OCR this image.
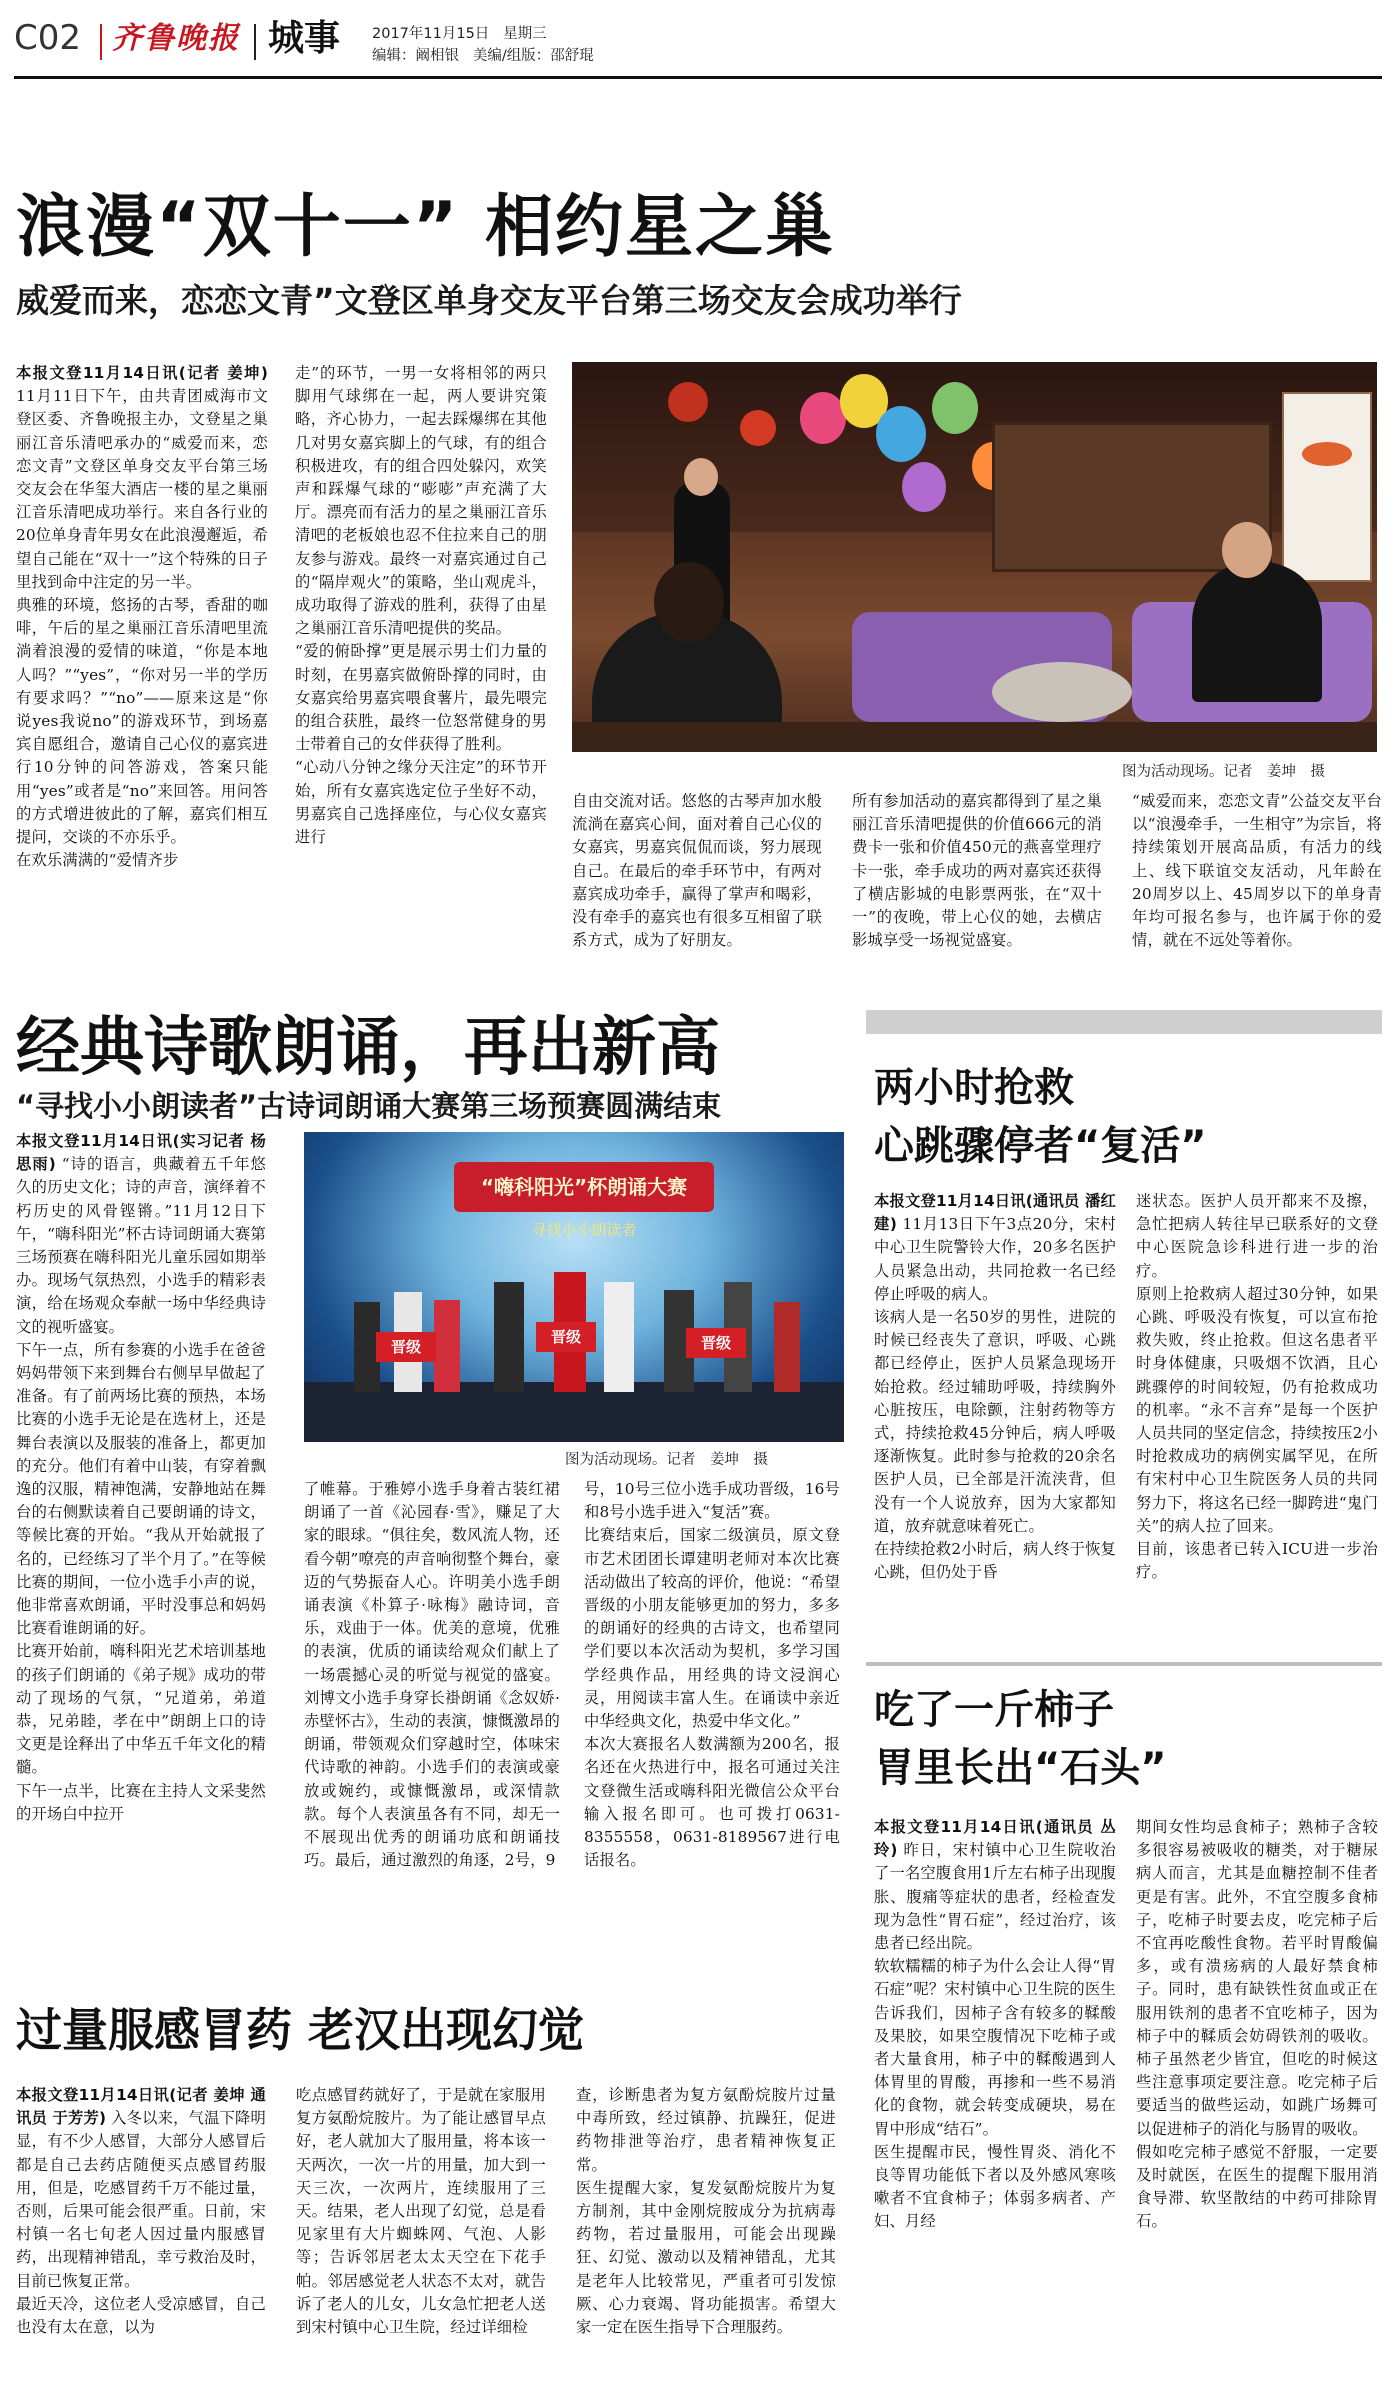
C02 齐鲁晚报 城事 2017年11月15日 星期三
编辑：阚相银 美编/组版：邵舒琨
浪漫“双十一” 相约星之巢
威爱而来，恋恋文青”文登区单身交友平台第三场交友会成功举行
本报文登11月14日讯(记者 姜坤) 11月11日下午，由共青团威海市文登区委、齐鲁晚报主办，文登星之巢丽江音乐清吧承办的“威爱而来，恋恋文青”文登区单身交友平台第三场交友会在华玺大酒店一楼的星之巢丽江音乐清吧成功举行。来自各行业的20位单身青年男女在此浪漫邂逅，希望自己能在“双十一”这个特殊的日子里找到命中注定的另一半。
典雅的环境，悠扬的古琴，香甜的咖啡，午后的星之巢丽江音乐清吧里流淌着浪漫的爱情的味道，“你是本地人吗？”“yes”，“你对另一半的学历有要求吗？”“no”——原来这是“你说yes我说no”的游戏环节，到场嘉宾自愿组合，邀请自己心仪的嘉宾进行10分钟的问答游戏，答案只能用“yes”或者是“no”来回答。用问答的方式增进彼此的了解，嘉宾们相互提问，交谈的不亦乐乎。
在欢乐满满的“爱情齐步
走”的环节，一男一女将相邻的两只脚用气球绑在一起，两人要讲究策略，齐心协力，一起去踩爆绑在其他几对男女嘉宾脚上的气球，有的组合积极进攻，有的组合四处躲闪，欢笑声和踩爆气球的“嘭嘭”声充满了大厅。漂亮而有活力的星之巢丽江音乐清吧的老板娘也忍不住拉来自己的朋友参与游戏。最终一对嘉宾通过自己的“隔岸观火”的策略，坐山观虎斗，成功取得了游戏的胜利，获得了由星之巢丽江音乐清吧提供的奖品。
“爱的俯卧撑”更是展示男士们力量的时刻，在男嘉宾做俯卧撑的同时，由女嘉宾给男嘉宾喂食薯片，最先喂完的组合获胜，最终一位怒常健身的男士带着自己的女伴获得了胜利。
“心动八分钟之缘分天注定”的环节开始，所有女嘉宾选定位子坐好不动，男嘉宾自己选择座位，与心仪女嘉宾进行
图为活动现场。记者　姜坤　摄
自由交流对话。悠悠的古琴声加水般流淌在嘉宾心间，面对着自己心仪的女嘉宾，男嘉宾侃侃而谈，努力展现自己。在最后的牵手环节中，有两对嘉宾成功牵手，赢得了掌声和喝彩，没有牵手的嘉宾也有很多互相留了联系方式，成为了好朋友。
所有参加活动的嘉宾都得到了星之巢丽江音乐清吧提供的价值666元的消费卡一张和价值450元的燕喜堂理疗卡一张，牵手成功的两对嘉宾还获得了横店影城的电影票两张，在“双十一”的夜晚，带上心仪的她，去横店影城享受一场视觉盛宴。
“威爱而来，恋恋文青”公益交友平台以“浪漫牵手，一生相守”为宗旨，将持续策划开展高品质，有活力的线上、线下联谊交友活动，凡年龄在20周岁以上、45周岁以下的单身青年均可报名参与，也许属于你的爱情，就在不远处等着你。
经典诗歌朗诵，再出新高
“寻找小小朗读者”古诗词朗诵大赛第三场预赛圆满结束
本报文登11月14日讯(实习记者 杨思雨) “诗的语言，典藏着五千年悠久的历史文化；诗的声音，演绎着不朽历史的风骨铿锵。”11月12日下午，“嗨科阳光”杯古诗词朗诵大赛第三场预赛在嗨科阳光儿童乐园如期举办。现场气氛热烈，小选手的精彩表演，给在场观众奉献一场中华经典诗文的视听盛宴。
下午一点，所有参赛的小选手在爸爸妈妈带领下来到舞台右侧早早做起了准备。有了前两场比赛的预热，本场比赛的小选手无论是在选材上，还是舞台表演以及服装的准备上，都更加的充分。他们有着中山装，有穿着飘逸的汉服，精神饱满，安静地站在舞台的右侧默读着自己要朗诵的诗文，等候比赛的开始。“我从开始就报了名的，已经练习了半个月了。”在等候比赛的期间，一位小选手小声的说，他非常喜欢朗诵，平时没事总和妈妈比赛看谁朗诵的好。
比赛开始前，嗨科阳光艺术培训基地的孩子们朗诵的《弟子规》成功的带动了现场的气氛，“兄道弟，弟道恭，兄弟睦，孝在中”朗朗上口的诗文更是诠释出了中华五千年文化的精髓。
下午一点半，比赛在主持人文采斐然的开场白中拉开
“嗨科阳光”杯朗诵大赛
寻找小小朗读者
晋级
晋级	晋级
图为活动现场。记者　姜坤　摄
了帷幕。于雅婷小选手身着古装红裙朗诵了一首《沁园春·雪》，赚足了大家的眼球。“俱往矣，数风流人物，还看今朝”嘹亮的声音响彻整个舞台，豪迈的气势振奋人心。许明美小选手朗诵表演《朴算子·咏梅》融诗词，音乐，戏曲于一体。优美的意境，优雅的表演，优质的诵读给观众们献上了一场震撼心灵的听觉与视觉的盛宴。刘博文小选手身穿长褂朗诵《念奴娇·赤壁怀古》，生动的表演，慷慨激昂的朗诵，带领观众们穿越时空，体味宋代诗歌的神韵。小选手们的表演或豪放或婉约，或慷慨激昂，或深情款款。每个人表演虽各有不同，却无一不展现出优秀的朗诵功底和朗诵技巧。最后，通过激烈的角逐，2号，9
号，10号三位小选手成功晋级，16号和8号小选手进入“复活”赛。
比赛结束后，国家二级演员，原文登市艺术团团长谭建明老师对本次比赛活动做出了较高的评价，他说：“希望晋级的小朋友能够更加的努力，多多的朗诵好的经典的古诗文，也希望同学们要以本次活动为契机，多学习国学经典作品，用经典的诗文浸润心灵，用阅读丰富人生。在诵读中亲近中华经典文化，热爱中华文化。”
本次大赛报名人数满额为200名，报名还在火热进行中，报名可通过关注文登微生活或嗨科阳光微信公众平台输入报名即可。也可拨打0631-8355558，0631-8189567进行电话报名。
两小时抢救
心跳骤停者“复活”
本报文登11月14日讯(通讯员 潘红建) 11月13日下午3点20分，宋村中心卫生院警铃大作，20多名医护人员紧急出动，共同抢救一名已经停止呼吸的病人。
该病人是一名50岁的男性，进院的时候已经丧失了意识，呼吸、心跳都已经停止，医护人员紧急现场开始抢救。经过辅助呼吸，持续胸外心脏按压，电除颤，注射药物等方式，持续抢救45分钟后，病人呼吸逐渐恢复。此时参与抢救的20余名医护人员，已全部是汗流浃背，但没有一个人说放弃，因为大家都知道，放弃就意味着死亡。
在持续抢救2小时后，病人终于恢复心跳，但仍处于昏
迷状态。医护人员开都来不及擦，急忙把病人转往早已联系好的文登中心医院急诊科进行进一步的治疗。
原则上抢救病人超过30分钟，如果心跳、呼吸没有恢复，可以宣布抢救失败，终止抢救。但这名患者平时身体健康，只吸烟不饮酒，且心跳骤停的时间较短，仍有抢救成功的机率。“永不言弃”是每一个医护人员共同的坚定信念，持续按压2小时抢救成功的病例实属罕见，在所有宋村中心卫生院医务人员的共同努力下，将这名已经一脚跨进“鬼门关”的病人拉了回来。
目前，该患者已转入ICU进一步治疗。
吃了一斤柿子
胃里长出“石头”
本报文登11月14日讯(通讯员 丛玲) 昨日，宋村镇中心卫生院收治了一名空腹食用1斤左右柿子出现腹胀、腹痛等症状的患者，经检查发现为急性“胃石症”，经过治疗，该患者已经出院。
软软糯糯的柿子为什么会让人得“胃石症”呢？宋村镇中心卫生院的医生告诉我们，因柿子含有较多的鞣酸及果胶，如果空腹情况下吃柿子或者大量食用，柿子中的鞣酸遇到人体胃里的胃酸，再掺和一些不易消化的食物，就会转变成硬块，易在胃中形成“结石”。
医生提醒市民，慢性胃炎、消化不良等胃功能低下者以及外感风寒咳嗽者不宜食柿子；体弱多病者、产妇、月经
期间女性均忌食柿子；熟柿子含较多很容易被吸收的糖类，对于糖尿病人而言，尤其是血糖控制不佳者更是有害。此外，不宜空腹多食柿子，吃柿子时要去皮，吃完柿子后不宜再吃酸性食物。若平时胃酸偏多，或有溃疡病的人最好禁食柿子。同时，患有缺铁性贫血或正在服用铁剂的患者不宜吃柿子，因为柿子中的鞣质会妨碍铁剂的吸收。柿子虽然老少皆宜，但吃的时候这些注意事项定要注意。吃完柿子后要适当的做些运动，如跳广场舞可以促进柿子的消化与肠胃的吸收。
假如吃完柿子感觉不舒服，一定要及时就医，在医生的提醒下服用消食导滞、软坚散结的中药可排除胃石。
过量服感冒药 老汉出现幻觉
本报文登11月14日讯(记者 姜坤 通讯员 于芳芳) 入冬以来，气温下降明显，有不少人感冒，大部分人感冒后都是自己去药店随便买点感冒药服用，但是，吃感冒药千万不能过量，否则，后果可能会很严重。日前，宋村镇一名七旬老人因过量内服感冒药，出现精神错乱，幸亏救治及时，目前已恢复正常。
最近天冷，这位老人受凉感冒，自己也没有太在意，以为
吃点感冒药就好了，于是就在家服用复方氨酚烷胺片。为了能让感冒早点好，老人就加大了服用量，将本该一天两次，一次一片的用量，加大到一天三次，一次两片，连续服用了三天。结果，老人出现了幻觉，总是看见家里有大片蜘蛛网、气泡、人影等；告诉邻居老太太天空在下花手帕。邻居感觉老人状态不太对，就告诉了老人的儿女，儿女急忙把老人送到宋村镇中心卫生院，经过详细检
查，诊断患者为复方氨酚烷胺片过量中毒所致，经过镇静、抗躁狂，促进药物排泄等治疗，患者精神恢复正常。
医生提醒大家，复发氨酚烷胺片为复方制剂，其中金刚烷胺成分为抗病毒药物，若过量服用，可能会出现躁狂、幻觉、激动以及精神错乱，尤其是老年人比较常见，严重者可引发惊厥、心力衰竭、肾功能损害。希望大家一定在医生指导下合理服药。
